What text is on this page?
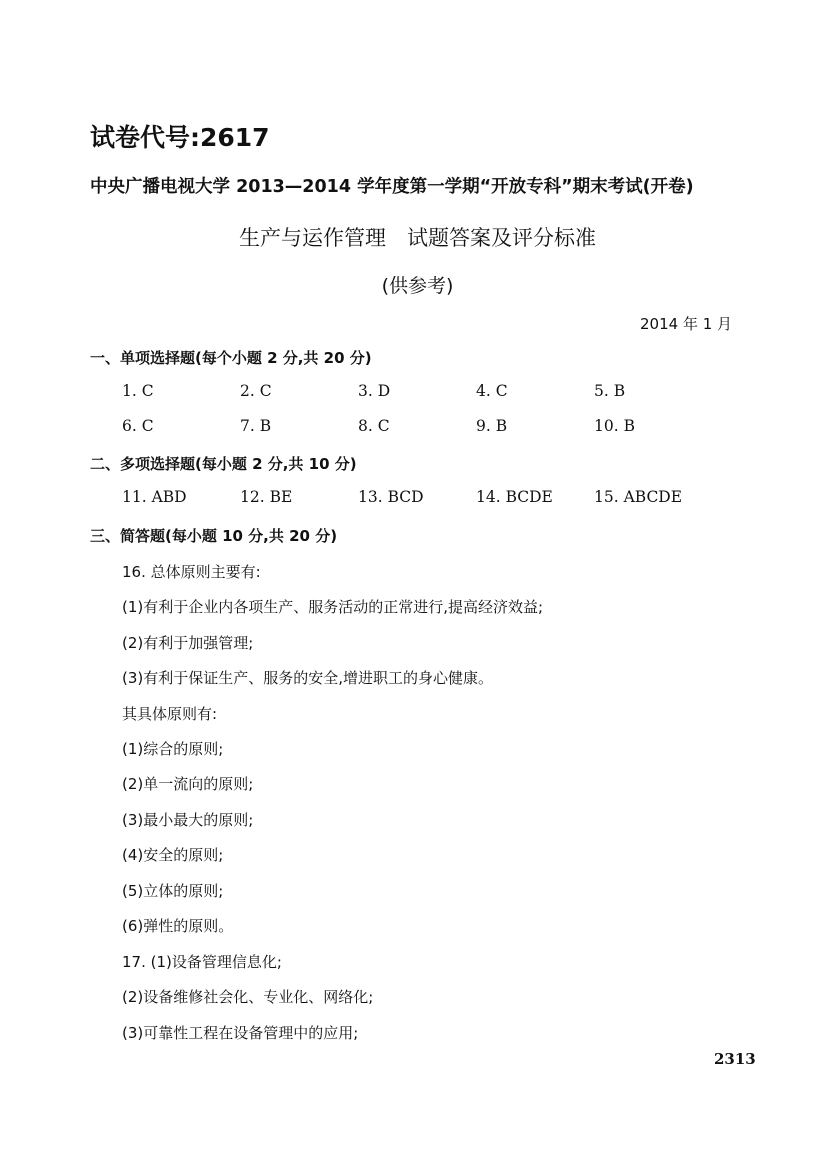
试卷代号:2617
中央广播电视大学 2013—2014 学年度第一学期“开放专科”期末考试(开卷)
生产与运作管理　试题答案及评分标准
(供参考)
2014 年 1 月
一、单项选择题(每个小题 2 分,共 20 分)
1. C	2. C	3. D	4. C	5. B
6. C	7. B	8. C	9. B	10. B
二、多项选择题(每小题 2 分,共 10 分)
11. ABD	12. BE	13. BCD	14. BCDE	15. ABCDE
三、简答题(每小题 10 分,共 20 分)
16. 总体原则主要有:
(1)有利于企业内各项生产、服务活动的正常进行,提高经济效益;
(2)有利于加强管理;
(3)有利于保证生产、服务的安全,增进职工的身心健康。
其具体原则有:
(1)综合的原则;
(2)单一流向的原则;
(3)最小最大的原则;
(4)安全的原则;
(5)立体的原则;
(6)弹性的原则。
17. (1)设备管理信息化;
(2)设备维修社会化、专业化、网络化;
(3)可靠性工程在设备管理中的应用;
2313
